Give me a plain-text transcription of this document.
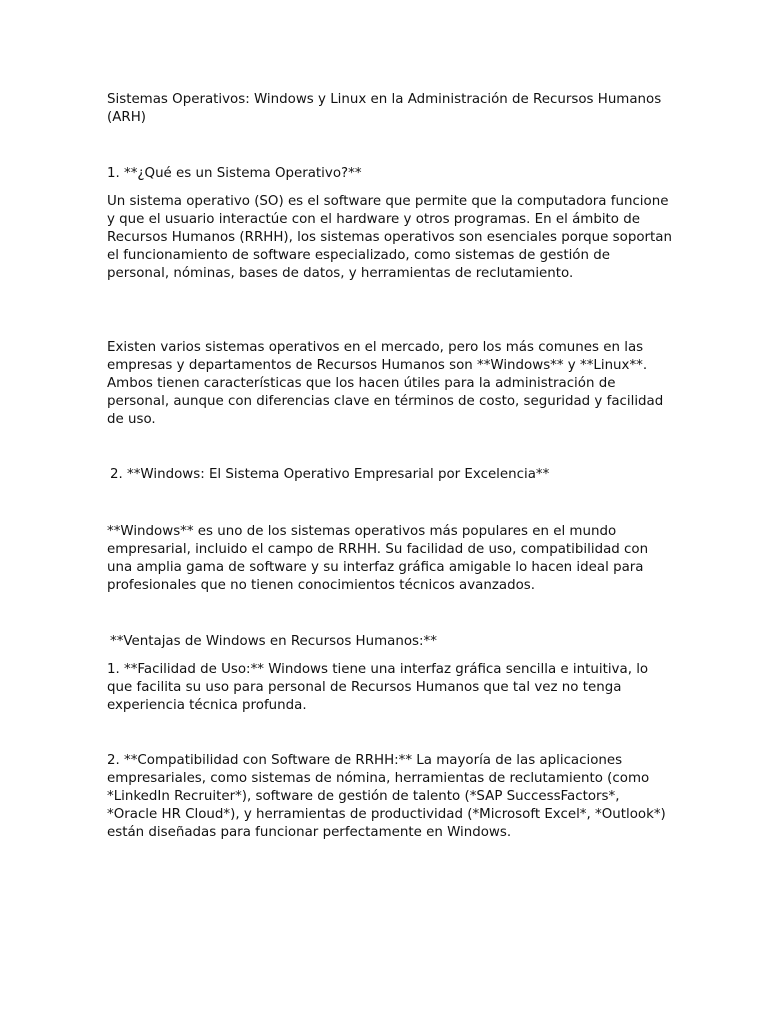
Sistemas Operativos: Windows y Linux en la Administración de Recursos Humanos (ARH)

1. **¿Qué es un Sistema Operativo?**

Un sistema operativo (SO) es el software que permite que la computadora funcione y que el usuario interactúe con el hardware y otros programas. En el ámbito de Recursos Humanos (RRHH), los sistemas operativos son esenciales porque soportan el funcionamiento de software especializado, como sistemas de gestión de personal, nóminas, bases de datos, y herramientas de reclutamiento.

Existen varios sistemas operativos en el mercado, pero los más comunes en las empresas y departamentos de Recursos Humanos son **Windows** y **Linux**. Ambos tienen características que los hacen útiles para la administración de personal, aunque con diferencias clave en términos de costo, seguridad y facilidad de uso.

2. **Windows: El Sistema Operativo Empresarial por Excelencia**

**Windows** es uno de los sistemas operativos más populares en el mundo empresarial, incluido el campo de RRHH. Su facilidad de uso, compatibilidad con una amplia gama de software y su interfaz gráfica amigable lo hacen ideal para profesionales que no tienen conocimientos técnicos avanzados.

**Ventajas de Windows en Recursos Humanos:**

1. **Facilidad de Uso:** Windows tiene una interfaz gráfica sencilla e intuitiva, lo que facilita su uso para personal de Recursos Humanos que tal vez no tenga experiencia técnica profunda.

2. **Compatibilidad con Software de RRHH:** La mayoría de las aplicaciones empresariales, como sistemas de nómina, herramientas de reclutamiento (como *LinkedIn Recruiter*), software de gestión de talento (*SAP SuccessFactors*, *Oracle HR Cloud*), y herramientas de productividad (*Microsoft Excel*, *Outlook*) están diseñadas para funcionar perfectamente en Windows.
